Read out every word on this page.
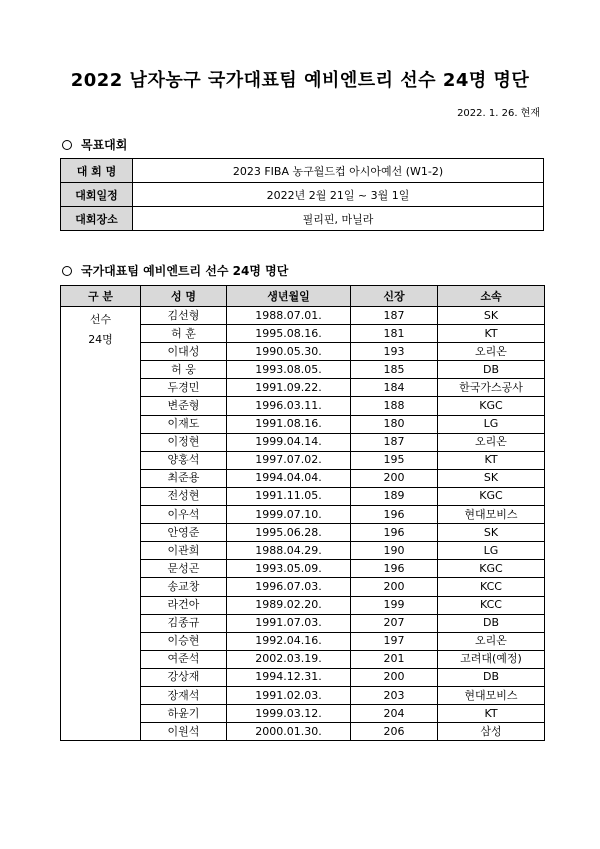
2022 남자농구 국가대표팀 예비엔트리 선수 24명 명단
2022. 1. 26. 현재
목표대회
대 회 명	2023 FIBA 농구월드컵 아시아예선 (W1-2)
대회일정	2022년 2월 21일 ~ 3월 1일
대회장소	필리핀, 마닐라
국가대표팀 예비엔트리 선수 24명 명단
구 분	성 명	생년월일	신장	소속

선수
24명	김선형	1988.07.01.	187	SK
	허 훈	1995.08.16.	181	KT
	이대성	1990.05.30.	193	오리온
	허 웅	1993.08.05.	185	DB
	두경민	1991.09.22.	184	한국가스공사
	변준형	1996.03.11.	188	KGC
	이재도	1991.08.16.	180	LG
	이정현	1999.04.14.	187	오리온
	양홍석	1997.07.02.	195	KT
	최준용	1994.04.04.	200	SK
	전성현	1991.11.05.	189	KGC
	이우석	1999.07.10.	196	현대모비스
	안영준	1995.06.28.	196	SK
	이관희	1988.04.29.	190	LG
	문성곤	1993.05.09.	196	KGC
	송교창	1996.07.03.	200	KCC
	라건아	1989.02.20.	199	KCC
	김종규	1991.07.03.	207	DB
	이승현	1992.04.16.	197	오리온
	여준석	2002.03.19.	201	고려대(예정)
	강상재	1994.12.31.	200	DB
	장재석	1991.02.03.	203	현대모비스
	하윤기	1999.03.12.	204	KT
	이원석	2000.01.30.	206	삼성
